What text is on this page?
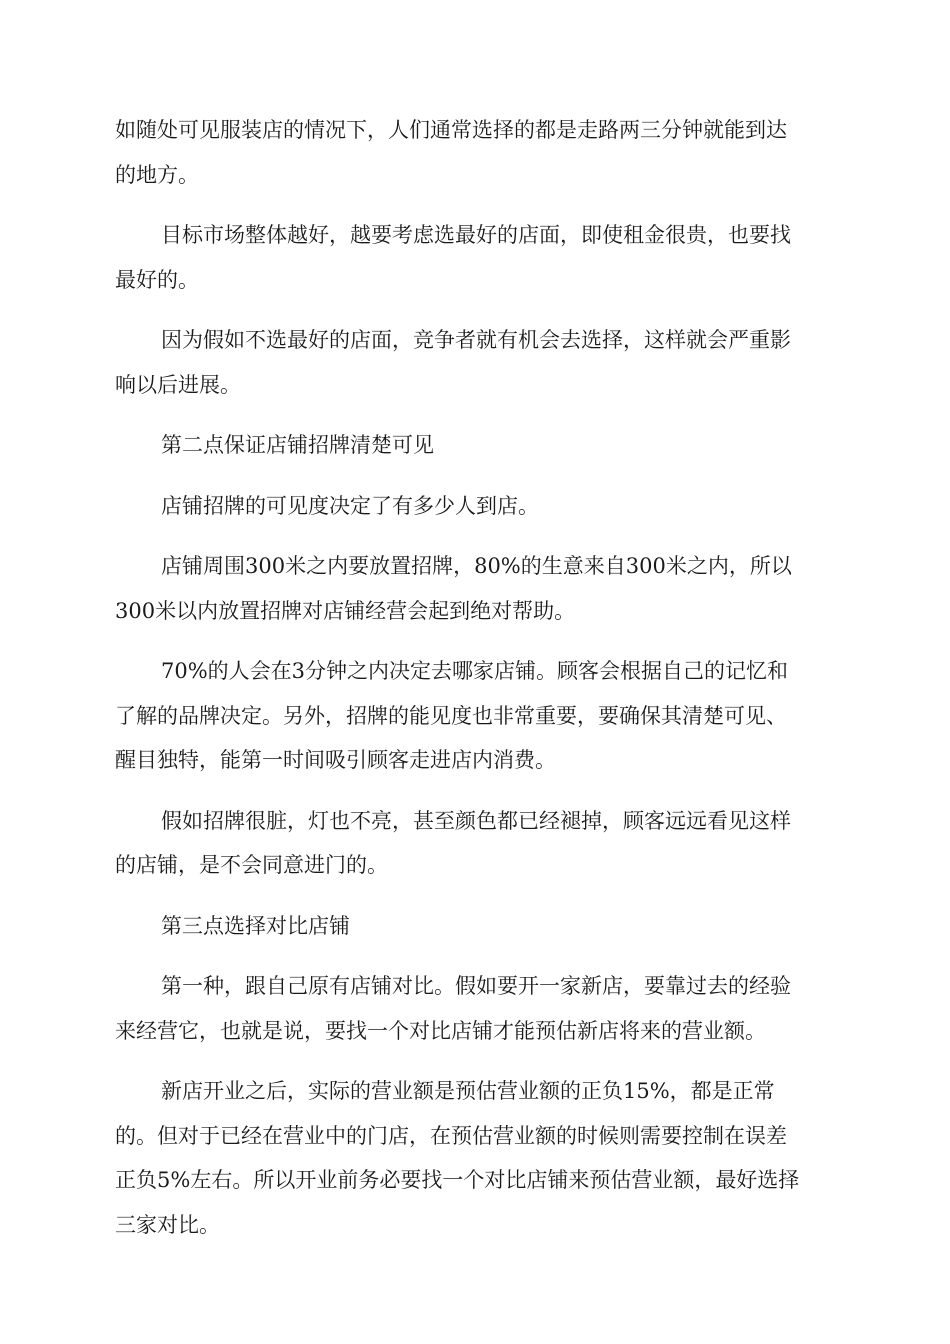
如随处可见服装店的情况下，人们通常选择的都是走路两三分钟就能到达
的地方。

目标市场整体越好，越要考虑选最好的店面，即使租金很贵，也要找
最好的。

因为假如不选最好的店面，竞争者就有机会去选择，这样就会严重影
响以后进展。

第二点保证店铺招牌清楚可见

店铺招牌的可见度决定了有多少人到店。

店铺周围300米之内要放置招牌，80%的生意来自300米之内，所以
300米以内放置招牌对店铺经营会起到绝对帮助。

70%的人会在3分钟之内决定去哪家店铺。顾客会根据自己的记忆和
了解的品牌决定。另外，招牌的能见度也非常重要，要确保其清楚可见、
醒目独特，能第一时间吸引顾客走进店内消费。

假如招牌很脏，灯也不亮，甚至颜色都已经褪掉，顾客远远看见这样
的店铺，是不会同意进门的。

第三点选择对比店铺

第一种，跟自己原有店铺对比。假如要开一家新店，要靠过去的经验
来经营它，也就是说，要找一个对比店铺才能预估新店将来的营业额。

新店开业之后，实际的营业额是预估营业额的正负15%，都是正常
的。但对于已经在营业中的门店，在预估营业额的时候则需要控制在误差
正负5%左右。所以开业前务必要找一个对比店铺来预估营业额，最好选择
三家对比。
